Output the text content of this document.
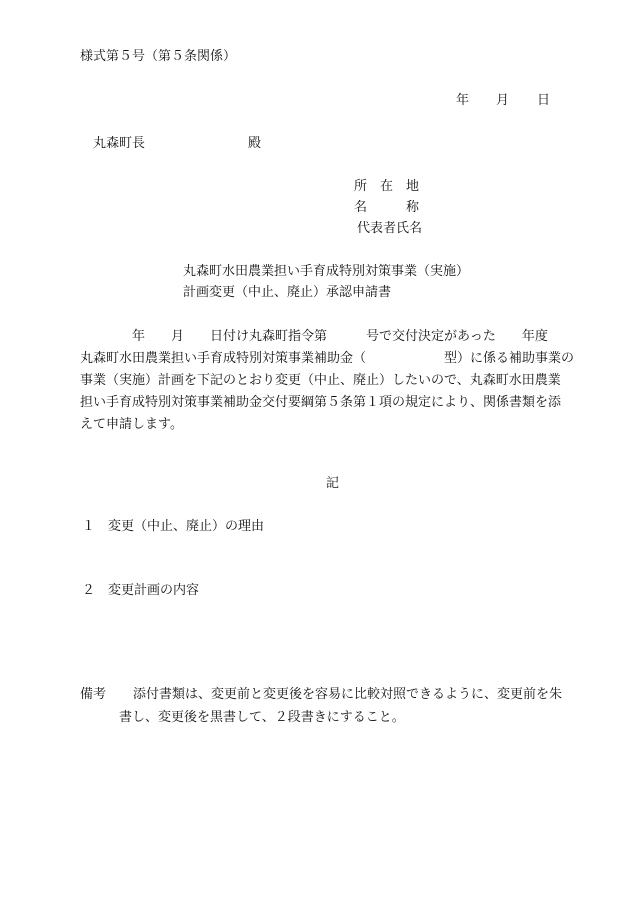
様式第５号（第５条関係）
年 月 日
丸森町長	殿
所　在　地
名　　　称
代表者氏名
丸森町水田農業担い手育成特別対策事業（実施）
計画変更（中止、廃止）承認申請書
　　　　年　　月　　日付け丸森町指令第　　　号で交付決定があった　　年度
丸森町水田農業担い手育成特別対策事業補助金（　　　　　　型）に係る補助事業の
事業（実施）計画を下記のとおり変更（中止、廃止）したいので、丸森町水田農業
担い手育成特別対策事業補助金交付要綱第５条第１項の規定により、関係書類を添
えて申請します。
記
１ 変更（中止、廃止）の理由
２ 変更計画の内容
備考 添付書類は、変更前と変更後を容易に比較対照できるように、変更前を朱
書し、変更後を黒書して、２段書きにすること。
